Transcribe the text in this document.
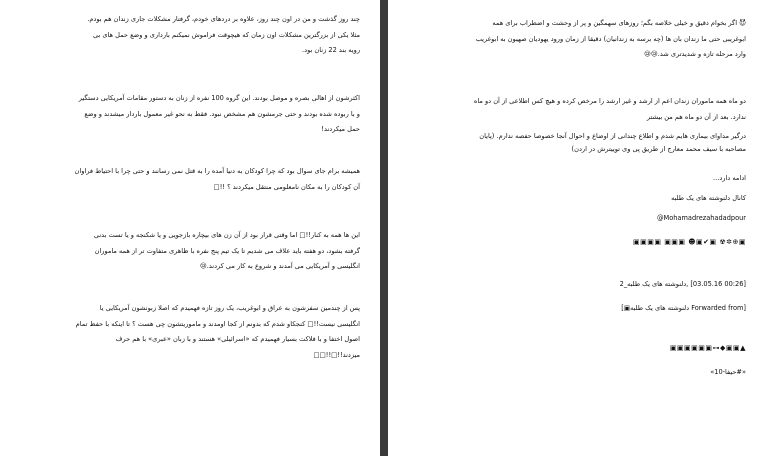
چند روز گذشت و من در اون چند روز، علاوه بر دردهای خودم، گرفتار مشکلات جاری زندان هم بودم.
مثلا یکی از بزرگترین مشکلات اون زمان که هیچوقت فراموش نمیکنم بارداری و وضع حمل های بی
رویه بند 22 زنان بود.
اکثرشون از اهالی بصره و موصل بودند. این گروه 100 نفره از زنان به دستور مقامات آمریکایی دستگیر
و با ربوده شده بودند و حتی جرمشون هم مشخص نبود. فقط به نحو غیر معمول باردار میشدند و وضع
حمل میکردند!
همیشه برام جای سوال بود که چرا کودکان به دنیا آمده را به قتل نمی رسانند و حتی چرا با احتیاط فراوان
آن کودکان را به مکان نامعلومی منتقل میکردند ؟ !!□
این ها همه به کنار!!□ اما وقتی قرار بود از آن زن های بیچاره بازجویی و یا شکنجه و یا تست بدنی
گرفته بشود، دو هفته باید علاف می شدیم تا یک تیم پنج نفره با ظاهری متفاوت تر از همه ماموران
انگلیسی و آمریکایی می آمدند و شروع به کار می کردند.😢
پس از چندمین سفرشون به عراق و ابوغریب، یک روز تازه فهمیدم که اصلا زبونشون آمریکایی یا
انگلیسی نیست!!□ کنجکاو شدم که بدونم از کجا اومدند و ماموریتشون چی هست ؟ تا اینکه با حفظ تمام
اصول اختفا و با فلاکت بسیار فهمیدم که «اسرائیلی» هستند و با زبان «عبری» با هم حرف
میزدند!!□!!□□
😈 اگر بخوام دقیق و خیلی خلاصه بگم؛ روزهای سهمگین و پر از وحشت و اضطراب برای همه
ابوغریبی حتی ما زندان بان ها (چه برسه به زندانیان) دقیقا از زمان ورود یهودیان صهیون به ابوغریب
وارد مرحله تازه و شدیدتری شد.😢😢
دو ماه همه ماموران زندان اعم از ارشد و غیر ارشد را مرخص کرده و هیچ کس اطلاعی از آن دو ماه
ندارد. بعد از آن دو ماه هم من بیشتر
درگیر مداوای بیماری هایم شدم و اطلاع چندانی از اوضاع و احوال آنجا خصوصا حفصه ندارم. (پایان
مصاحبه با سیف محمد معارج از طریق پی وی توییترش در اردن)
ادامه دارد...
کانال دلنوشته های یک طلبه
@Mohamadrezahadadpour
▣▣▣▣ ▣▣▣ ☻▣✔▣ ☢✲⊕▣
[00:26 03.05.16] ,دلنوشته های یک طلبه_2
[Forwarded from دلنوشته های یک طلبه▣]
▣▣▣▣▣▣⊶◆▣▣▲
«#حیفا-10»
